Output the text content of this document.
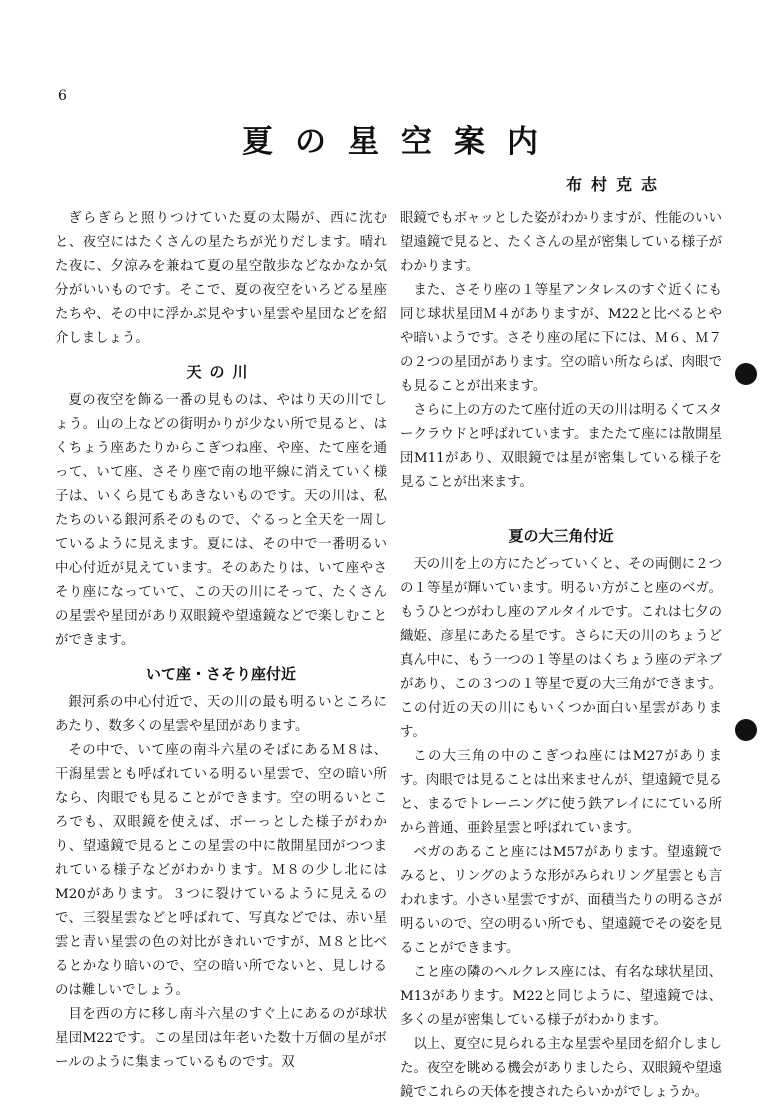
6
夏の星空案内
布村克志

ぎらぎらと照りつけていた夏の太陽が、西に沈むと、夜空にはたくさんの星たちが光りだします。晴れた夜に、夕涼みを兼ねて夏の星空散歩などなかなか気分がいいものです。そこで、夏の夜空をいろどる星座たちや、その中に浮かぶ見やすい星雲や星団などを紹介しましょう。

天の川

夏の夜空を飾る一番の見ものは、やはり天の川でしょう。山の上などの街明かりが少ない所で見ると、はくちょう座あたりからこぎつね座、や座、たて座を通って、いて座、さそり座で南の地平線に消えていく様子は、いくら見てもあきないものです。天の川は、私たちのいる銀河系そのもので、ぐるっと全天を一周しているように見えます。夏には、その中で一番明るい中心付近が見えています。そのあたりは、いて座やさそり座になっていて、この天の川にそって、たくさんの星雲や星団があり双眼鏡や望遠鏡などで楽しむことができます。

いて座・さそり座付近

銀河系の中心付近で、天の川の最も明るいところにあたり、数多くの星雲や星団があります。

その中で、いて座の南斗六星のそばにあるＭ８は、干潟星雲とも呼ばれている明るい星雲で、空の暗い所なら、肉眼でも見ることができます。空の明るいところでも、双眼鏡を使えば、ボーっとした様子がわかり、望遠鏡で見るとこの星雲の中に散開星団がつつまれている様子などがわかります。Ｍ８の少し北にはM20があります。３つに裂けているように見えるので、三裂星雲などと呼ばれて、写真などでは、赤い星雲と青い星雲の色の対比がきれいですが、Ｍ８と比べるとかなり暗いので、空の暗い所でないと、見しけるのは難しいでしょう。

目を西の方に移し南斗六星のすぐ上にあるのが球状星団M22です。この星団は年老いた数十万個の星がボールのように集まっているものです。双

眼鏡でもボャッとした姿がわかりますが、性能のいい望遠鏡で見ると、たくさんの星が密集している様子がわかります。

また、さそり座の１等星アンタレスのすぐ近くにも同じ球状星団Ｍ４がありますが、M22と比べるとやや暗いようです。さそり座の尾に下には、Ｍ６、Ｍ７の２つの星団があります。空の暗い所ならば、肉眼でも見ることが出来ます。

さらに上の方のたて座付近の天の川は明るくてスタークラウドと呼ばれています。またたて座には散開星団M11があり、双眼鏡では星が密集している様子を見ることが出来ます。

夏の大三角付近

天の川を上の方にたどっていくと、その両側に２つの１等星が輝いています。明るい方がこと座のベガ。もうひとつがわし座のアルタイルです。これは七夕の織姫、彦星にあたる星です。さらに天の川のちょうど真ん中に、もう一つの１等星のはくちょう座のデネブがあり、この３つの１等星で夏の大三角ができます。この付近の天の川にもいくつか面白い星雲があります。

この大三角の中のこぎつね座にはM27があります。肉眼では見ることは出来ませんが、望遠鏡で見ると、まるでトレーニングに使う鉄アレイににている所から普通、亜鈴星雲と呼ばれています。

ベガのあること座にはM57があります。望遠鏡でみると、リングのような形がみられリング星雲とも言われます。小さい星雲ですが、面積当たりの明るさが明るいので、空の明るい所でも、望遠鏡でその姿を見ることができます。

こと座の隣のヘルクレス座には、有名な球状星団、M13があります。M22と同じように、望遠鏡では、多くの星が密集している様子がわかります。

以上、夏空に見られる主な星雲や星団を紹介しました。夜空を眺める機会がありましたら、双眼鏡や望遠鏡でこれらの天体を捜されたらいかがでしょうか。
